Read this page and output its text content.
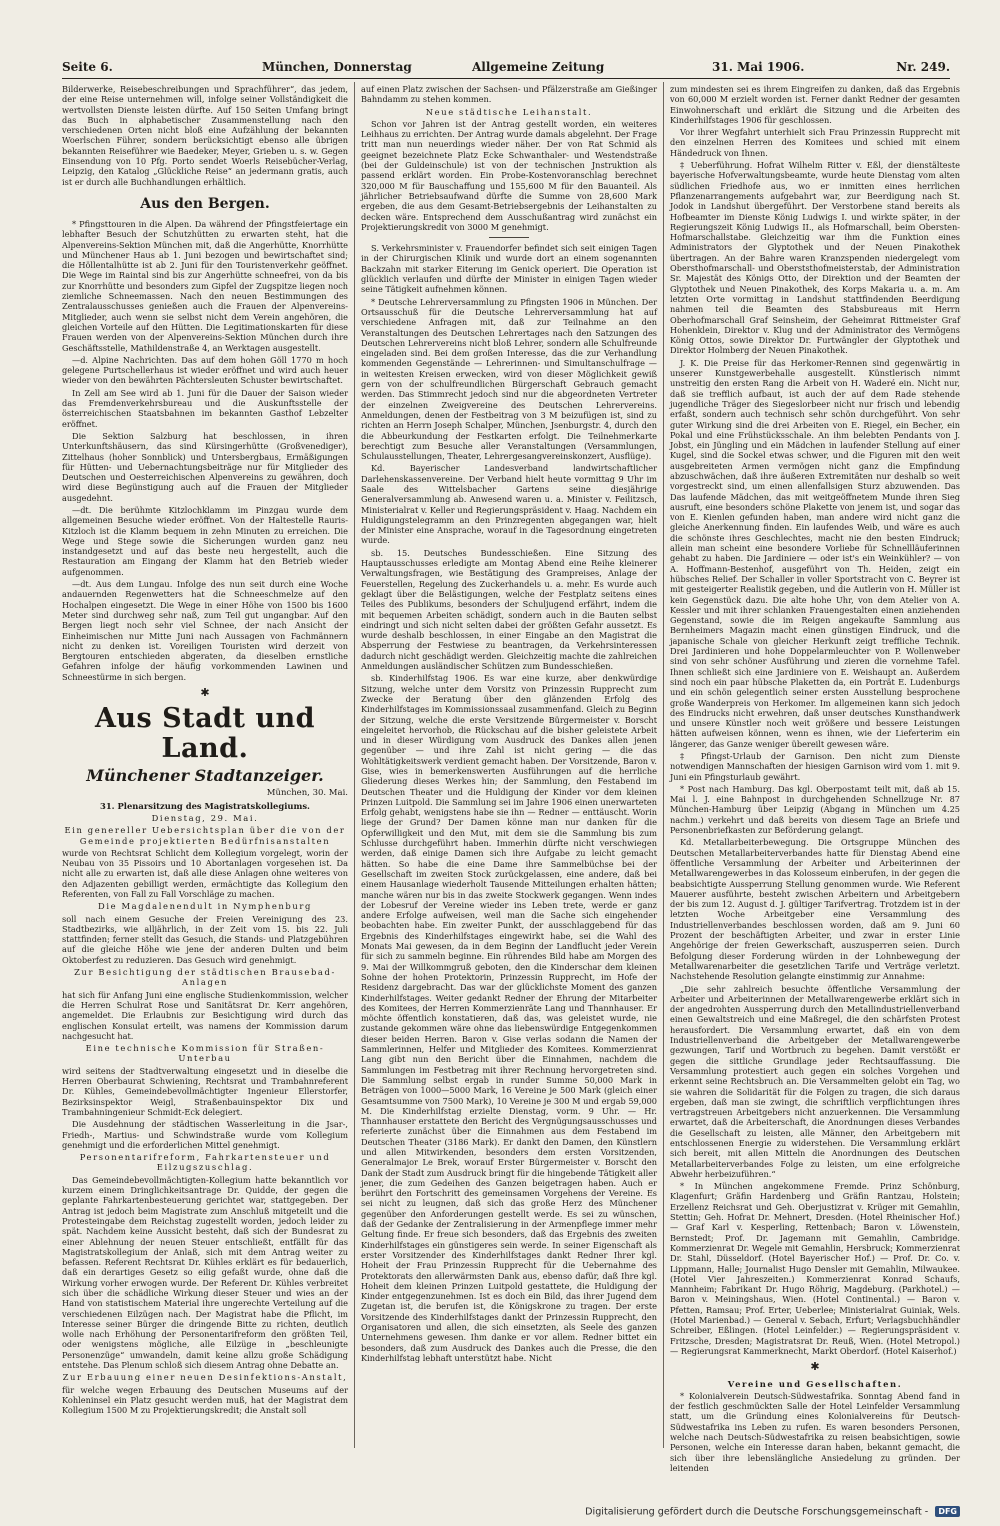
Seite 6.	München, Donnerstag	Allgemeine Zeitung	31. Mai 1906.	Nr. 249.

Bilderwerke, Reisebeschreibungen und Sprachführer“, das jedem, der eine Reise unternehmen will, infolge seiner Vollständigkeit die wertvollsten Dienste leisten dürfte. Auf 150 Seiten Umfang bringt das Buch in alphabetischer Zusammenstellung nach den verschiedenen Orten nicht bloß eine Aufzählung der bekannten Woerlschen Führer, sondern berücksichtigt ebenso alle übrigen bekannten Reiseführer wie Baedeker, Meyer, Grieben u. s. w. Gegen Einsendung von 10 Pfg. Porto sendet Woerls Reisebücher-Verlag, Leipzig, den Katalog „Glückliche Reise“ an jedermann gratis, auch ist er durch alle Buchhandlungen erhältlich.

Aus den Bergen.

* Pfingsttouren in die Alpen. Da während der Pfingstfeiertage ein lebhafter Besuch der Schutzhütten zu erwarten steht, hat die Alpenvereins-Sektion München mit, daß die Angerhütte, Knorrhütte und Münchener Haus ab 1. Juni bezogen und bewirtschaftet sind; die Höllentalhütte ist ab 2. Juni für den Touristenverkehr geöffnet. Die Wege im Raintal sind bis zur Angerhütte schneefrei, von da bis zur Knorrhütte und besonders zum Gipfel der Zugspitze liegen noch ziemliche Schneemassen. Nach den neuen Bestimmungen des Zentralausschusses genießen auch die Frauen der Alpenvereins-Mitglieder, auch wenn sie selbst nicht dem Verein angehören, die gleichen Vorteile auf den Hütten. Die Legitimationskarten für diese Frauen werden von der Alpenvereins-Sektion München durch ihre Geschäftsstelle, Mathildenstraße 4, an Werktagen ausgestellt.

—d. Alpine Nachrichten. Das auf dem hohen Göll 1770 m hoch gelegene Purtschellerhaus ist wieder eröffnet und wird auch heuer wieder von den bewährten Pächtersleuten Schuster bewirtschaftet.

In Zell am See wird ab 1. Juni für die Dauer der Saison wieder das Fremdenverkehrsbureau und die Auskunftsstelle der österreichischen Staatsbahnen im bekannten Gasthof Lebzelter eröffnet.

Die Sektion Salzburg hat beschlossen, in ihren Unterkunftshäusern, das sind Kürsingerhütte (Großvenediger), Zittelhaus (hoher Sonnblick) und Untersbergbaus, Ermäßigungen für Hütten- und Uebernachtungsbeiträge nur für Mitglieder des Deutschen und Oesterreichischen Alpenvereins zu gewähren, doch wird diese Begünstigung auch auf die Frauen der Mitglieder ausgedehnt.

—dt. Die berühmte Kitzlochklamm im Pinzgau wurde dem allgemeinen Besuche wieder eröffnet. Von der Haltestelle Rauris-Kitzloch ist die Klamm bequem in zehn Minuten zu erreichen. Die Wege und Stege sowie die Sicherungen wurden ganz neu instandgesetzt und auf das beste neu hergestellt, auch die Restauration am Eingang der Klamm hat den Betrieb wieder aufgenommen.

—dt. Aus dem Lungau. Infolge des nun seit durch eine Woche andauernden Regenwetters hat die Schneeschmelze auf den Hochalpen eingesetzt. Die Wege in einer Höhe von 1500 bis 1600 Meter sind durchweg sehr naß, zum Teil gut ungangbar. Auf den Bergen liegt noch sehr viel Schnee, der nach Ansicht der Einheimischen nur Mitte Juni nach Aussagen von Fachmännern nicht zu denken ist. Voreiligen Touristen wird derzeit von Bergtouren entschieden abgeraten, da dieselben ernstliche Gefahren infolge der häufig vorkommenden Lawinen und Schneestürme in sich bergen.

✱
Aus Stadt und Land.
Münchener Stadtanzeiger.
München, 30. Mai.
31. Plenarsitzung des Magistratskollegiums.
Dienstag, 29. Mai.
Ein genereller Uebersichtsplan über die von der Gemeinde projektierten Bedürfnisanstalten

wurde von Rechtsrat Schlicht dem Kollegium vorgelegt, worin der Neubau von 35 Pissoirs und 10 Abortanlagen vorgesehen ist. Da nicht alle zu erwarten ist, daß alle diese Anlagen ohne weiteres von den Adjazenten gebilligt werden, ermächtigte das Kollegium den Referenten, von Fall zu Fall Vorschläge zu machen.

Die Magdalenendult in Nymphenburg

soll nach einem Gesuche der Freien Vereinigung des 23. Stadtbezirks, wie alljährlich, in der Zeit vom 15. bis 22. Juli stattfinden; ferner stellt das Gesuch, die Stands- und Platzgebühren auf die gleiche Höhe wie jene der anderen Dulten und beim Oktoberfest zu reduzieren. Das Gesuch wird genehmigt.

Zur Besichtigung der städtischen Brausebad-Anlagen

hat sich für Anfang Juni eine englische Studienkommission, welcher die Herren Schulrat Rose und Sanitätsrat Dr. Kerr angehören, angemeldet. Die Erlaubnis zur Besichtigung wird durch das englischen Konsulat erteilt, was namens der Kommission darum nachgesucht hat.

Eine technische Kommission für Straßen-Unterbau

wird seitens der Stadtverwaltung eingesetzt und in dieselbe die Herren Oberbaurat Schwiening, Rechtsrat und Trambahnreferent Dr. Kühles, Gemeindebevollmächtigter Ingenieur Ellerstorfer, Bezirksinspektor Weigl, Straßenbauinspektor Dix und Trambahningenieur Schmidt-Eck delegiert.

Die Ausdehnung der städtischen Wasserleitung in die Jsar-, Friedh-, Martius- und Schwindstraße wurde vom Kollegium genehmigt und die erforderlichen Mittel genehmigt.

Personentarifreform, Fahrkartensteuer und Eilzugszuschlag.

Das Gemeindebevollmächtigten-Kollegium hatte bekanntlich vor kurzem einem Dringlichkeitsantrage Dr. Quidde, der gegen die geplante Fahrkartenbesteuerung gerichtet war, stattgegeben. Der Antrag ist jedoch beim Magistrate zum Anschluß mitgeteilt und die Protesteingabe dem Reichstag zugestellt worden, jedoch leider zu spät. Nachdem keine Aussicht besteht, daß sich der Bundesrat zu einer Ablehnung der neuen Steuer entschließt, entfällt für das Magistratskollegium der Anlaß, sich mit dem Antrag weiter zu befassen. Referent Rechtsrat Dr. Kühles erklärt es für bedauerlich, daß ein derartiges Gesetz so eilig gefaßt wurde, ohne daß die Wirkung vorher erwogen wurde. Der Referent Dr. Kühles verbreitet sich über die schädliche Wirkung dieser Steuer und wies an der Hand von statistischem Material ihre ungerechte Verteilung auf die verschiedenen Eilzügen nach. Der Magistrat habe die Pflicht, im Interesse seiner Bürger die dringende Bitte zu richten, deutlich wolle nach Erhöhung der Personentarifreform den größten Teil, oder wenigstens mögliche, alle Eilzüge in „beschleunigte Personenzüge“ umwandeln, damit keine allzu große Schädigung entstehe. Das Plenum schloß sich diesem Antrag ohne Debatte an.

Zur Erbauung einer neuen Desinfektions-Anstalt,

für welche wegen Erbauung des Deutschen Museums auf der Kohleninsel ein Platz gesucht werden muß, hat der Magistrat dem Kollegium 1500 M zu Projektierungskredit; die Anstalt soll

auf einen Platz zwischen der Sachsen- und Pfälzerstraße am Gießinger Bahndamm zu stehen kommen.

Neue städtische Leihanstalt.

Schon vor Jahren ist der Antrag gestellt worden, ein weiteres Leihhaus zu errichten. Der Antrag wurde damals abgelehnt. Der Frage tritt man nun neuerdings wieder näher. Der von Rat Schmid als geeignet bezeichnete Platz Ecke Schwanthaler- und Westendstraße (bei der Guldeinschule) ist von der technischen Jnstruktion als passend erklärt worden. Ein Probe-Kostenvoranschlag berechnet 320,000 M für Bauschaffung und 155,600 M für den Bauanteil. Als jährlicher Betriebsaufwand dürfte die Summe von 28,600 Mark ergeben, die aus dem Gesamt-Betriebsergebnis der Leihanstalten zu decken wäre. Entsprechend dem Ausschußantrag wird zunächst ein Projektierungskredit von 3000 M genehmigt.

S. Verkehrsminister v. Frauendorfer befindet sich seit einigen Tagen in der Chirurgischen Klinik und wurde dort an einem sogenannten Backzahn mit starker Eiterung im Genick operiert. Die Operation ist glücklich verlaufen und dürfte der Minister in einigen Tagen wieder seine Tätigkeit aufnehmen können.

* Deutsche Lehrerversammlung zu Pfingsten 1906 in München. Der Ortsausschuß für die Deutsche Lehrerversammlung hat auf verschiedene Anfragen mit, daß zur Teilnahme an den Veranstaltungen des Deutschen Lehrertages nach den Satzungen des Deutschen Lehrervereins nicht bloß Lehrer, sondern alle Schulfreunde eingeladen sind. Bei dem großen Interesse, das die zur Verhandlung kommenden Gegenstände — Lehrerinnen- und Simultanschulfrage — in weitesten Kreisen erwecken, wird von dieser Möglichkeit gewiß gern von der schulfreundlichen Bürgerschaft Gebrauch gemacht werden. Das Stimmrecht jedoch sind nur die abgeordneten Vertreter der einzelnen Zweigvereine des Deutschen Lehrervereins. Anmeldungen, denen der Festbeitrag von 3 M beizufügen ist, sind zu richten an Herrn Joseph Schalper, München, Jsenburgstr. 4, durch den die Abbeurkundung der Festkarten erfolgt. Die Teilnehmerkarte berechtigt zum Besuche aller Veranstaltungen (Versammlungen, Schulausstellungen, Theater, Lehrergesangvereinskonzert, Ausflüge).

Kd. Bayerischer Landesverband landwirtschaftlicher Darlehenskassenvereine. Der Verband hielt heute vormittag 9 Uhr im Saale des Wittelsbacher Gartens seine diesjährige Generalversammlung ab. Anwesend waren u. a. Minister v. Feilitzsch, Ministerialrat v. Keller und Regierungspräsident v. Haag. Nachdem ein Huldigungstelegramm an den Prinzregenten abgegangen war, hielt der Minister eine Ansprache, worauf in die Tagesordnung eingetreten wurde.

sb. 15. Deutsches Bundesschießen. Eine Sitzung des Hauptausschusses erledigte am Montag Abend eine Reihe kleinerer Verwaltungsfragen, wie Bestätigung des Grampreises, Anlage der Feuerstellen, Regelung des Zuckerhandels u. a. mehr. Es wurde auch geklagt über die Belästigungen, welche der Festplatz seitens eines Teiles des Publikums, besonders der Schuljugend erfährt, indem die mit bequemen Arbeiten schädigt, sondern auch in die Bauten selbst eindringt und sich nicht selten dabei der größten Gefahr aussetzt. Es wurde deshalb beschlossen, in einer Eingabe an den Magistrat die Absperrung der Festwiese zu beantragen, da Verkehrsinteressen dadurch nicht geschädigt werden. Gleichzeitig machte die zahlreichen Anmeldungen ausländischer Schützen zum Bundesschießen.

sb. Kinderhilfstag 1906. Es war eine kurze, aber denkwürdige Sitzung, welche unter dem Vorsitz von Prinzessin Rupprecht zum Zwecke der Beratung über den glänzenden Erfolg des Kinderhilfstages im Kommissionssaal zusammenfand. Gleich zu Beginn der Sitzung, welche die erste Versitzende Bürgermeister v. Borscht eingeleitet hervorhob, die Rückschau auf die bisher geleistete Arbeit und in dieser Würdigung vom Ausdruck des Dankes allen jenen gegenüber — und ihre Zahl ist nicht gering — die das Wohltätigkeitswerk verdient gemacht haben. Der Vorsitzende, Baron v. Gise, wies in bemerkenswerten Ausführungen auf die herrliche Gliederung dieses Werkes hin; der Sammlung, den Festabend im Deutschen Theater und die Huldigung der Kinder vor dem kleinen Prinzen Luitpold. Die Sammlung sei im Jahre 1906 einen unerwarteten Erfolg gehabt, wenigstens habe sie ihn — Redner — enttäuscht. Worin liege der Grund? Der Damen könne man nur danken für die Opferwilligkeit und den Mut, mit dem sie die Sammlung bis zum Schlusse durchgeführt haben. Immerhin dürfte nicht verschwiegen werden, daß einige Damen sich ihre Aufgabe zu leicht gemacht hätten. So habe die eine Dame ihre Sammelbüchse bei der Gesellschaft im zweiten Stock zurückgelassen, eine andere, daß bei einem Hausanlage wiederholt Tausende Mitteilungen erhalten hätten; manche wären nur bis in das zweite Stockwerk gegangen. Wenn indes der Lobesruf der Vereine wieder ins Leben trete, werde er ganz andere Erfolge aufweisen, weil man die Sache sich eingehender beobachten habe. Ein zweiter Punkt, der ausschlaggebend für das Ergebnis des Kinderhilfstages eingewirkt habe, sei die Wahl des Monats Mai gewesen, da in dem Beginn der Landflucht jeder Verein für sich zu sammeln beginne. Ein rührendes Bild habe am Morgen des 9. Mai der Willkommgruß geboten, den die Kinderschar dem kleinen Sohne der hohen Protektorin, Prinzessin Rupprecht, im Hofe der Residenz dargebracht. Das war der glücklichste Moment des ganzen Kinderhilfstages. Weiter gedankt Redner der Ehrung der Mitarbeiter des Komitees, der Herren Kommerzienräte Lang und Thannhauser. Er möchte öffentlich konstatieren, daß das, was geleistet wurde, nie zustande gekommen wäre ohne das liebenswürdige Entgegenkommen dieser beiden Herren. Baron v. Gise verlas sodann die Namen der Sammlerinnen, Helfer und Mitglieder des Komitees. Kommerzienrat Lang gibt nun den Bericht über die Einnahmen, nachdem die Sammlungen im Festbetrag mit ihrer Rechnung hervorgetreten sind. Die Sammlung selbst ergab in runder Summe 50,000 Mark in Beträgen von 1000—5000 Mark, 16 Vereine je 500 Mark (gleich einer Gesamtsumme von 7500 Mark), 10 Vereine je 300 M und ergab 59,000 M. Die Kinderhilfstag erzielte Dienstag, vorm. 9 Uhr. — Hr. Thannhauser erstattete den Bericht des Vergnügungsausschusses und referierte zunächst über die Einnahmen aus dem Festabend im Deutschen Theater (3186 Mark). Er dankt den Damen, den Künstlern und allen Mitwirkenden, besonders dem ersten Vorsitzenden, Generalmajor Le Brek, worauf Erster Bürgermeister v. Borscht den Dank der Stadt zum Ausdruck bringt für die hingebende Tätigkeit aller jener, die zum Gedeihen des Ganzen beigetragen haben. Auch er berührt den Fortschritt des gemeinsamen Vorgehens der Vereine. Es sei nicht zu leugnen, daß sich das große Herz des Münchener gegenüber den Anforderungen gestellt werde. Es sei zu wünschen, daß der Gedanke der Zentralisierung in der Armenpflege immer mehr Geltung finde. Er freue sich besonders, daß das Ergebnis des zweiten Kinderhilfstages ein günstigeres sein werde. In seiner Eigenschaft als erster Vorsitzender des Kinderhilfstages dankt Redner Ihrer kgl. Hoheit der Frau Prinzessin Rupprecht für die Uebernahme des Protektorats den allerwärmsten Dank aus, ebenso dafür, daß Ihre kgl. Hoheit dem kleinen Prinzen Luitpold gestattete, die Huldigung der Kinder entgegenzunehmen. Ist es doch ein Bild, das ihrer Jugend dem Zugetan ist, die berufen ist, die Königskrone zu tragen. Der erste Vorsitzende des Kinderhilfstages dankt der Prinzessin Rupprecht, den Organisatoren und allen, die sich einsetzten, als Seele des ganzen Unternehmens gewesen. Ihm danke er vor allem. Redner bittet ein besonders, daß zum Ausdruck des Dankes auch die Presse, die den Kinderhilfstag lebhaft unterstützt habe. Nicht

zum mindesten sei es ihrem Eingreifen zu danken, daß das Ergebnis von 60,000 M erzielt worden ist. Ferner dankt Redner der gesamten Einwohnerschaft und erklärt die Sitzung und die Arbeiten des Kinderhilfstages 1906 für geschlossen.

Vor ihrer Wegfahrt unterhielt sich Frau Prinzessin Rupprecht mit den einzelnen Herren des Komitees und schied mit einem Händedruck von Ihnen.

‡ Ueberführung. Hofrat Wilhelm Ritter v. Eßl, der dienstälteste bayerische Hofverwaltungsbeamte, wurde heute Dienstag vom alten südlichen Friedhofe aus, wo er inmitten eines herrlichen Pflanzenarrangements aufgebahrt war, zur Beerdigung nach St. Jodok in Landshut übergeführt. Der Verstorbene stand bereits als Hofbeamter im Dienste König Ludwigs I. und wirkte später, in der Regierungszeit König Ludwigs II., als Hofmarschall, beim Obersten-Hofmarschallstabe. Gleichzeitig war ihm die Funktion eines Administrators der Glyptothek und der Neuen Pinakothek übertragen. An der Bahre waren Kranzspenden niedergelegt vom Obersthofmarschall- und Oberststhofmeisterstab, der Administration Sr. Majestät des Königs Otto, der Direktion und der Beamten der Glyptothek und Neuen Pinakothek, des Korps Makaria u. a. m. Am letzten Orte vormittag in Landshut stattfindenden Beerdigung nahmen teil die Beamten des Stabsbureaus mit Herrn Oberhofmarschall Graf Seinsheim, der Geheimrat Rittmeister Graf Hohenklein, Direktor v. Klug und der Administrator des Vermögens König Ottos, sowie Direktor Dr. Furtwängler der Glyptothek und Direktor Holmberg der Neuen Pinakothek.

J. K. Die Preise für das Herkomer-Rennen sind gegenwärtig in unserer Kunstgewerbehalle ausgestellt. Künstlerisch nimmt unstreitig den ersten Rang die Arbeit von H. Waderé ein. Nicht nur, daß sie trefflich aufbaut, ist auch der auf dem Rade stehende jugendliche Träger des Siegeslorbeer nicht nur frisch und lebendig erfaßt, sondern auch technisch sehr schön durchgeführt. Von sehr guter Wirkung sind die drei Arbeiten von E. Riegel, ein Becher, ein Pokal und eine Frühstücksschale. An ihm belebten Pendants von J. Jobst, ein Jüngling und ein Mädchen in laufender Stellung auf einer Kugel, sind die Sockel etwas schwer, und die Figuren mit den weit ausgebreiteten Armen vermögen nicht ganz die Empfindung abzuschwächen, daß ihre äußeren Extremitäten nur deshalb so weit vorgestreckt sind, um einen allenfallsigen Sturz abzuwenden. Das Das laufende Mädchen, das mit weitgeöffnetem Munde ihren Sieg ausruft, eine besonders schöne Plakette von jenem ist, und sogar das von E. Kienlen gefunden haben, man andere wird nicht ganz die gleiche Anerkennung finden. Ein laufendes Weib, und wäre es auch die schönste ihres Geschlechtes, macht nie den besten Eindruck; allein man scheint eine besondere Vorliebe für Schnellläuferinnen gehabt zu haben. Die Jardiniere — oder ist's ein Weinkühler? — von A. Hoffmann-Bestenhof, ausgeführt von Th. Heiden, zeigt ein hübsches Relief. Der Schaller in voller Sportstracht von C. Beyrer ist mit gesteigerter Realistik gegeben, und die Autlerin von H. Müller ist kein Gegenstück dazu. Die alte hohe Uhr, von dem Atelier von A. Kessler und mit ihrer schlanken Frauengestalten einen anziehenden Gegenstand, sowie die im Reigen angekaufte Sammlung aus Bernheimers Magazin macht einen günstigen Eindruck, und die japanische Schale von gleicher Herkunft zeigt treffliche Technik. Drei Jardinieren und hohe Doppelarmleuchter von P. Wollenweber sind von sehr schöner Ausführung und zieren die vornehme Tafel. Ihnen schließt sich eine Jardiniere von E. Weishaupt an. Außerdem sind noch ein paar hübsche Plaketten da, ein Porträt E. Ludenburgs und ein schön gelegentlich seiner ersten Ausstellung besprochene große Wanderpreis von Herkomer. Im allgemeinen kann sich jedoch des Eindrucks nicht erwehren, daß unser deutsches Kunsthandwerk und unsere Künstler noch weit größere und bessere Leistungen hätten aufweisen können, wenn es ihnen, wie der Lieferterim ein längerer, das Ganze weniger übereilt gewesen wäre.

‡ Pfingst-Urlaub der Garnison. Den nicht zum Dienste notwendigen Mannschaften der hiesigen Garnison wird vom 1. mit 9. Juni ein Pfingsturlaub gewährt.

* Post nach Hamburg. Das kgl. Oberpostamt teilt mit, daß ab 15. Mai l. J. eine Bahnpost in durchgehenden Schnellzuge Nr. 87 München-Hamburg über Leipzig (Abgang in München um 4.25 nachm.) verkehrt und daß bereits von diesem Tage an Briefe und Personenbriefkasten zur Beförderung gelangt.

Kd. Metallarbeiterbewegung. Die Ortsgruppe München des Deutschen Metallarbeiterverbandes hatte für Dienstag Abend eine öffentliche Versammlung der Arbeiter und Arbeiterinnen der Metallwarengewerbes in das Kolosseum einberufen, in der gegen die beabsichtigte Aussperrung Stellung genommen wurde. Wie Referent Mauerer ausführte, besteht zwischen Arbeitern und Arbeitgebern der bis zum 12. August d. J. gültiger Tarifvertrag. Trotzdem ist in der letzten Woche Arbeitgeber eine Versammlung des Industriellenverbandes beschlossen worden, daß am 9. Juni 60 Prozent der beschäftigten Arbeiter, und zwar in erster Linie Angehörige der freien Gewerkschaft, auszusperren seien. Durch Befolgung dieser Forderung würden in der Lohnbewegung der Metallwarenarbeiter die gesetzlichen Tarife und Verträge verletzt. Nachstehende Resolution gelangte einstimmig zur Annahme:

„Die sehr zahlreich besuchte öffentliche Versammlung der Arbeiter und Arbeiterinnen der Metallwarengewerbe erklärt sich in der angedrohten Aussperrung durch den Metallindustriellenverband einen Gewaltstreich und eine Maßregel, die den schärfsten Protest herausfordert. Die Versammlung erwartet, daß ein von dem Industriellenverband die Arbeitgeber der Metallwarengewerbe gezwungen, Tarif und Wortbruch zu begehen. Damit verstößt er gegen die sittliche Grundlage jeder Rechtsauffassung. Die Versammlung protestiert auch gegen ein solches Vorgehen und erkennt seine Rechtsbruch an. Die Versammelten gelobt ein Tag, wo sie wahren die Solidarität für die Folgen zu tragen, die sich daraus ergeben, daß man sie zwingt, die schriftlich verpflichtungen ihres vertragstreuen Arbeitgebers nicht anzuerkennen. Die Versammlung erwartet, daß die Arbeiterschaft, die Anordnungen dieses Verbandes die Gesellschaft zu leisten, alle Männer, den Arbeitgebern mit entschlossenen Energie zu widerstehen. Die Versammlung erklärt sich bereit, mit allen Mitteln die Anordnungen des Deutschen Metallarbeiterverbandes Folge zu leisten, um eine erfolgreiche Abwehr herbeizuführen.“

* In München angekommene Fremde. Prinz Schönburg, Klagenfurt; Gräfin Hardenberg und Gräfin Rantzau, Holstein; Erzellenz Reichsrat und Geh. Oberjustizrat v. Krüger mit Gemahlin, Stettin; Geh. Hofrat Dr. Mehnert, Dresden. (Hotel Rheinischer Hof.) — Graf Karl v. Kesperling, Rettenbach; Baron v. Löwenstein, Bernstedt; Prof. Dr. Jagemann mit Gemahlin, Cambridge. Kommerzienrat Dr. Wegele mit Gemahlin, Hersbruck; Kommerzienrat Dr. Stahl, Düsseldorf. (Hotel Bayerischer Hof.) — Prof. Dr. Co. v. Lippmann, Halle; Journalist Hugo Densler mit Gemahlin, Milwaukee. (Hotel Vier Jahreszeiten.) Kommerzienrat Konrad Schaufs, Mannheim; Fabrikant Dr. Hugo Röhrig, Magdeburg. (Parkhotel.) — Baron v. Meiningshaus, Wien. (Hotel Continental.) — Baron v. Pfetten, Ramsau; Prof. Erter, Ueberlee; Ministerialrat Guiniak, Wels. (Hotel Marienbad.) — General v. Sebach, Erfurt; Verlagsbuchhändler Schreiber, Eßlingen. (Hotel Leinfelder.) — Regierungspräsident v. Fritzsche, Dresden; Magistratsrat Dr. Reuß, Wien. (Hotel Metropol.) — Regierungsrat Kammerknecht, Markt Oberdorf. (Hotel Kaiserhof.)

✱
Vereine und Gesellschaften.

* Kolonialverein Deutsch-Südwestafrika. Sonntag Abend fand in der festlich geschmückten Salle der Hotel Leinfelder Versammlung statt, um die Gründung eines Kolonialvereins für Deutsch-Südwestafrika ins Leben zu rufen. Es waren besonders Personen, welche nach Deutsch-Südwestafrika zu reisen beabsichtigen, sowie Personen, welche ein Interesse daran haben, bekannt gemacht, die sich über ihre lebenslängliche Ansiedelung zu gründen. Der leitenden

Digitalisierung gefördert durch die Deutsche Forschungsgemeinschaft - DFG
